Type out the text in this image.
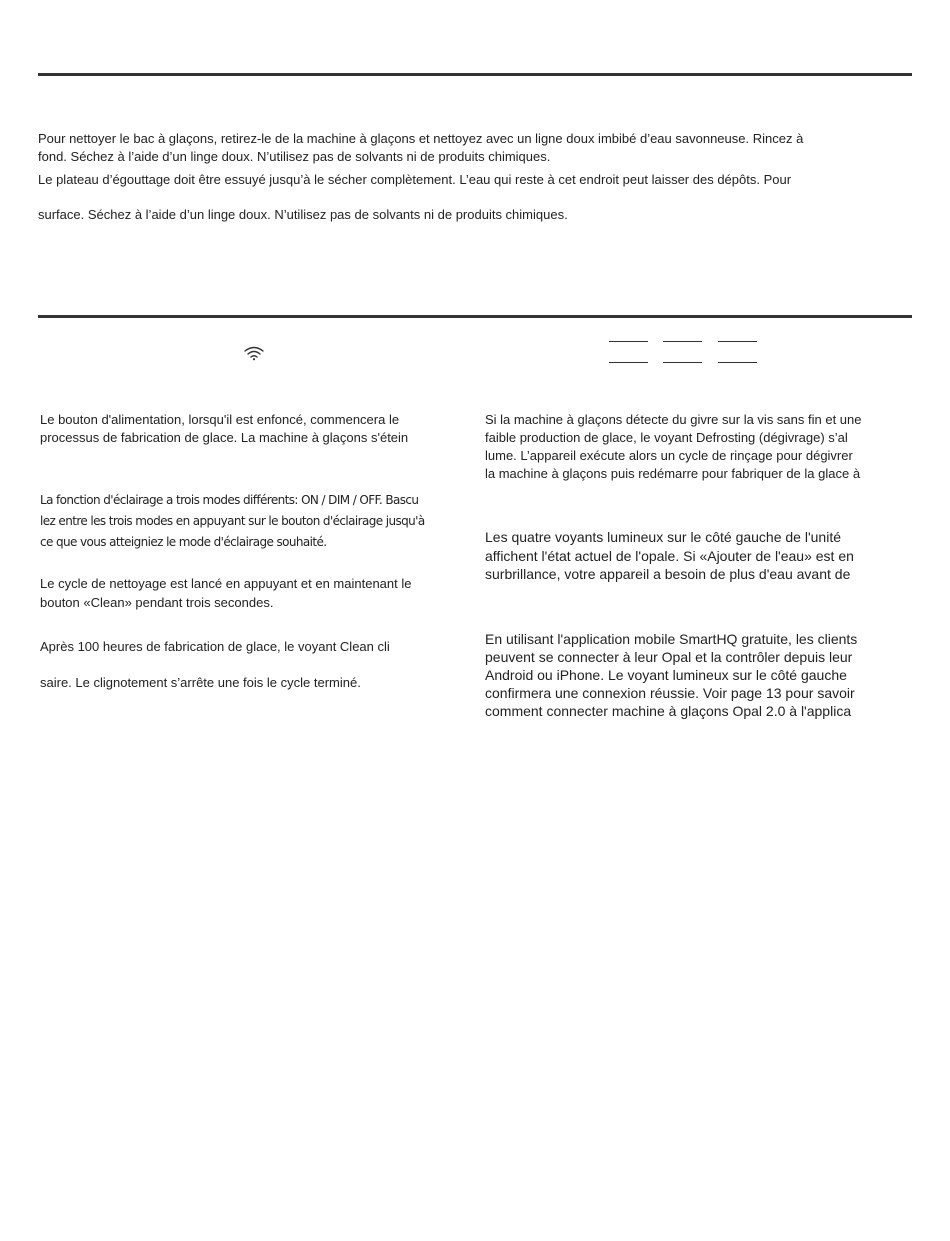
Pour nettoyer le bac à glaçons, retirez-le de la machine à glaçons et nettoyez avec un ligne doux imbibé d’eau savonneuse. Rincez à
fond. Séchez à l’aide d’un linge doux. N’utilisez pas de solvants ni de produits chimiques.

Le plateau d’égouttage doit être essuyé jusqu’à le sécher complètement. L’eau qui reste à cet endroit peut laisser des dépôts. Pour

surface. Séchez à l’aide d’un linge doux. N’utilisez pas de solvants ni de produits chimiques.

Le bouton d'alimentation, lorsqu'il est enfoncé, commencera le
processus de fabrication de glace. La machine à glaçons s'étein

La fonction d'éclairage a trois modes différents: ON / DIM / OFF. Bascu
lez entre les trois modes en appuyant sur le bouton d'éclairage jusqu'à
ce que vous atteigniez le mode d'éclairage souhaité.

Le cycle de nettoyage est lancé en appuyant et en maintenant le
bouton «Clean» pendant trois secondes.

Après 100 heures de fabrication de glace, le voyant Clean cli

saire. Le clignotement s’arrête une fois le cycle terminé.

Si la machine à glaçons détecte du givre sur la vis sans fin et une
faible production de glace, le voyant Defrosting (dégivrage) s’al
lume. L’appareil exécute alors un cycle de rinçage pour dégivrer
la machine à glaçons puis redémarre pour fabriquer de la glace à

Les quatre voyants lumineux sur le côté gauche de l'unité
affichent l'état actuel de l'opale. Si «Ajouter de l'eau» est en
surbrillance, votre appareil a besoin de plus d'eau avant de

En utilisant l'application mobile SmartHQ gratuite, les clients
peuvent se connecter à leur Opal et la contrôler depuis leur
Android ou iPhone. Le voyant lumineux sur le côté gauche
confirmera une connexion réussie. Voir page 13 pour savoir
comment connecter machine à glaçons Opal 2.0 à l'applica
